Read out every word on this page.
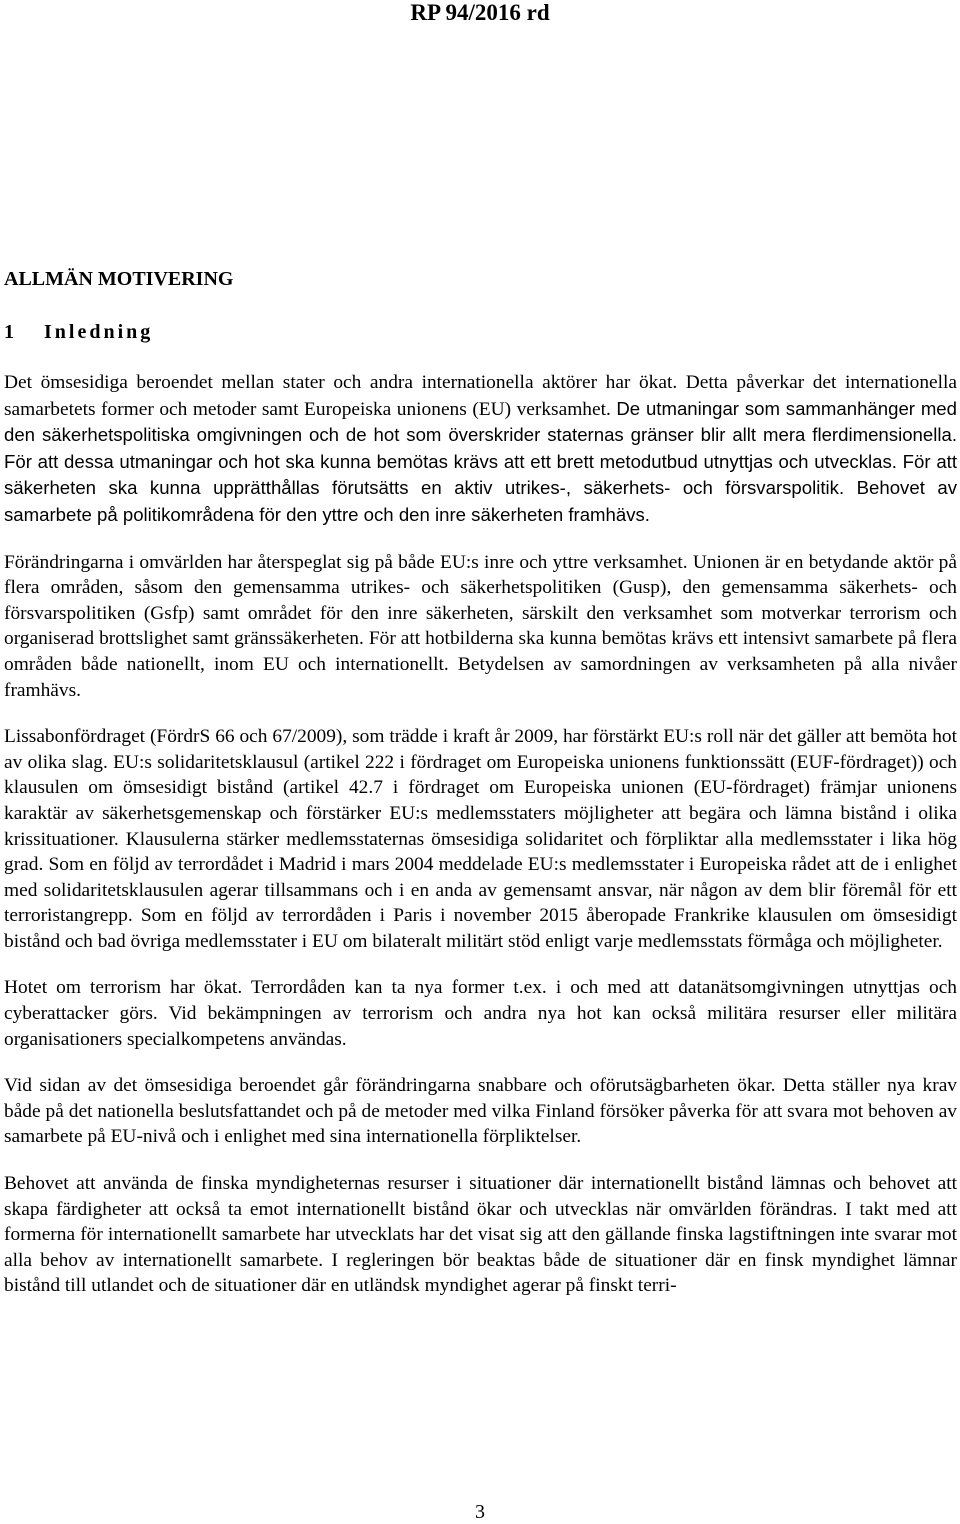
RP 94/2016 rd
ALLMÄN MOTIVERING
1 Inledning

Det ömsesidiga beroendet mellan stater och andra internationella aktörer har ökat. Detta påverkar det internationella samarbetets former och metoder samt Europeiska unionens (EU) verksamhet. De utmaningar som sammanhänger med den säkerhetspolitiska omgivningen och de hot som överskrider staternas gränser blir allt mera flerdimensionella. För att dessa utmaningar och hot ska kunna bemötas krävs att ett brett metodutbud utnyttjas och utvecklas. För att säkerheten ska kunna upprätthållas förutsätts en aktiv utrikes-, säkerhets- och försvarspolitik. Behovet av samarbete på politikområdena för den yttre och den inre säkerheten framhävs.

Förändringarna i omvärlden har återspeglat sig på både EU:s inre och yttre verksamhet. Unionen är en betydande aktör på flera områden, såsom den gemensamma utrikes- och säkerhetspolitiken (Gusp), den gemensamma säkerhets- och försvarspolitiken (Gsfp) samt området för den inre säkerheten, särskilt den verksamhet som motverkar terrorism och organiserad brottslighet samt gränssäkerheten. För att hotbilderna ska kunna bemötas krävs ett intensivt samarbete på flera områden både nationellt, inom EU och internationellt. Betydelsen av samordningen av verksamheten på alla nivåer framhävs.

Lissabonfördraget (FördrS 66 och 67/2009), som trädde i kraft år 2009, har förstärkt EU:s roll när det gäller att bemöta hot av olika slag. EU:s solidaritetsklausul (artikel 222 i fördraget om Europeiska unionens funktionssätt (EUF-fördraget)) och klausulen om ömsesidigt bistånd (artikel 42.7 i fördraget om Europeiska unionen (EU-fördraget) främjar unionens karaktär av säkerhetsgemenskap och förstärker EU:s medlemsstaters möjligheter att begära och lämna bistånd i olika krissituationer. Klausulerna stärker medlemsstaternas ömsesidiga solidaritet och förpliktar alla medlemsstater i lika hög grad. Som en följd av terrordådet i Madrid i mars 2004 meddelade EU:s medlemsstater i Europeiska rådet att de i enlighet med solidaritetsklausulen agerar tillsammans och i en anda av gemensamt ansvar, när någon av dem blir föremål för ett terroristangrepp. Som en följd av terrordåden i Paris i november 2015 åberopade Frankrike klausulen om ömsesidigt bistånd och bad övriga medlemsstater i EU om bilateralt militärt stöd enligt varje medlemsstats förmåga och möjligheter.

Hotet om terrorism har ökat. Terrordåden kan ta nya former t.ex. i och med att datanätsomgivningen utnyttjas och cyberattacker görs. Vid bekämpningen av terrorism och andra nya hot kan också militära resurser eller militära organisationers specialkompetens användas.

Vid sidan av det ömsesidiga beroendet går förändringarna snabbare och oförutsägbarheten ökar. Detta ställer nya krav både på det nationella beslutsfattandet och på de metoder med vilka Finland försöker påverka för att svara mot behoven av samarbete på EU-nivå och i enlighet med sina internationella förpliktelser.

Behovet att använda de finska myndigheternas resurser i situationer där internationellt bistånd lämnas och behovet att skapa färdigheter att också ta emot internationellt bistånd ökar och utvecklas när omvärlden förändras. I takt med att formerna för internationellt samarbete har utvecklats har det visat sig att den gällande finska lagstiftningen inte svarar mot alla behov av internationellt samarbete. I regleringen bör beaktas både de situationer där en finsk myndighet lämnar bistånd till utlandet och de situationer där en utländsk myndighet agerar på finskt terri-

3
